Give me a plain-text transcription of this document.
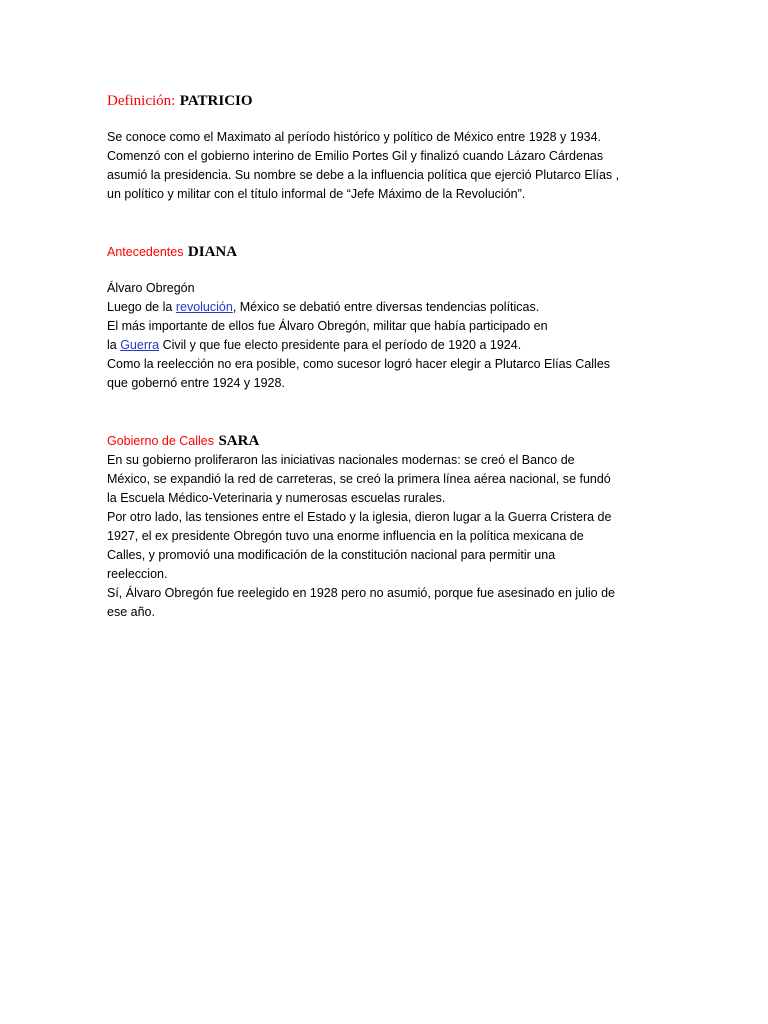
Definición: PATRICIO
Se conoce como el Maximato al período histórico y político de México entre 1928 y 1934.
Comenzó con el gobierno interino de Emilio Portes Gil y finalizó cuando Lázaro Cárdenas
asumió la presidencia. Su nombre se debe a la influencia política que ejerció Plutarco Elías ,
un político y militar con el título informal de “Jefe Máximo de la Revolución”.
Antecedentes DIANA
Álvaro Obregón
Luego de la revolución, México se debatió entre diversas tendencias políticas.
El más importante de ellos fue Álvaro Obregón, militar que había participado en
la Guerra Civil y que fue electo presidente para el período de 1920 a 1924.
Como la reelección no era posible, como sucesor logró hacer elegir a Plutarco Elías Calles
que gobernó entre 1924 y 1928.
Gobierno de Calles SARA
En su gobierno proliferaron las iniciativas nacionales modernas: se creó el Banco de
México, se expandió la red de carreteras, se creó la primera línea aérea nacional, se fundó
la Escuela Médico-Veterinaria y numerosas escuelas rurales.
Por otro lado, las tensiones entre el Estado y la iglesia, dieron lugar a la Guerra Cristera de
1927, el ex presidente Obregón tuvo una enorme influencia en la política mexicana de
Calles, y promovió una modificación de la constitución nacional para permitir una
reeleccion.
Sí, Álvaro Obregón fue reelegido en 1928 pero no asumió, porque fue asesinado en julio de
ese año.
